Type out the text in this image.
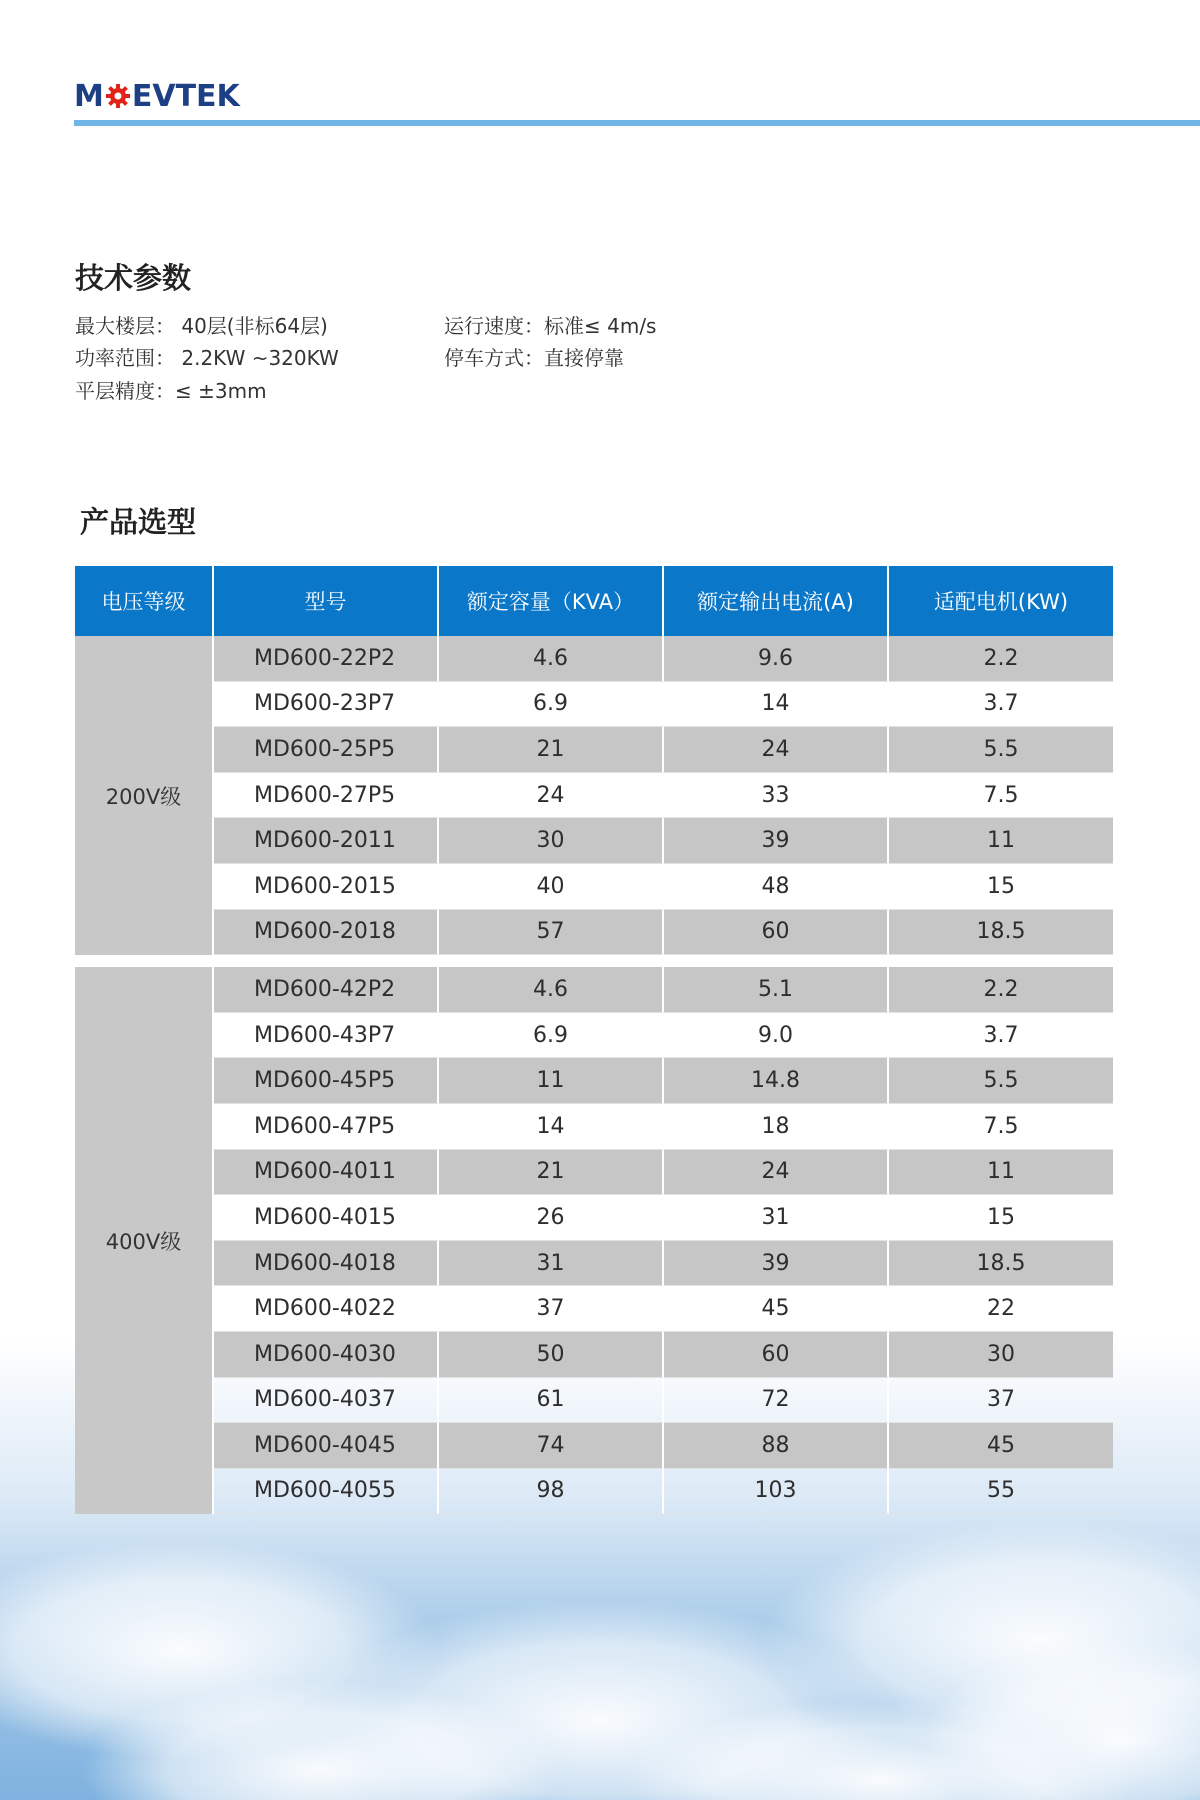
M EVTEK
技术参数
最大楼层： 40层(非标64层)
功率范围： 2.2KW ~320KW
平层精度：≤ ±3mm
运行速度：标准≤ 4m/s
停车方式：直接停靠
产品选型
电压等级	型号	额定容量（KVA）	额定输出电流(A)	适配电机(KW)
200V级
MD600-22P2	4.6	9.6	2.2
MD600-23P7	6.9	14	3.7
MD600-25P5	21	24	5.5
MD600-27P5	24	33	7.5
MD600-2011	30	39	11
MD600-2015	40	48	15
MD600-2018	57	60	18.5
400V级
MD600-42P2	4.6	5.1	2.2
MD600-43P7	6.9	9.0	3.7
MD600-45P5	11	14.8	5.5
MD600-47P5	14	18	7.5
MD600-4011	21	24	11
MD600-4015	26	31	15
MD600-4018	31	39	18.5
MD600-4022	37	45	22
MD600-4030	50	60	30
MD600-4037	61	72	37
MD600-4045	74	88	45
MD600-4055	98	103	55
